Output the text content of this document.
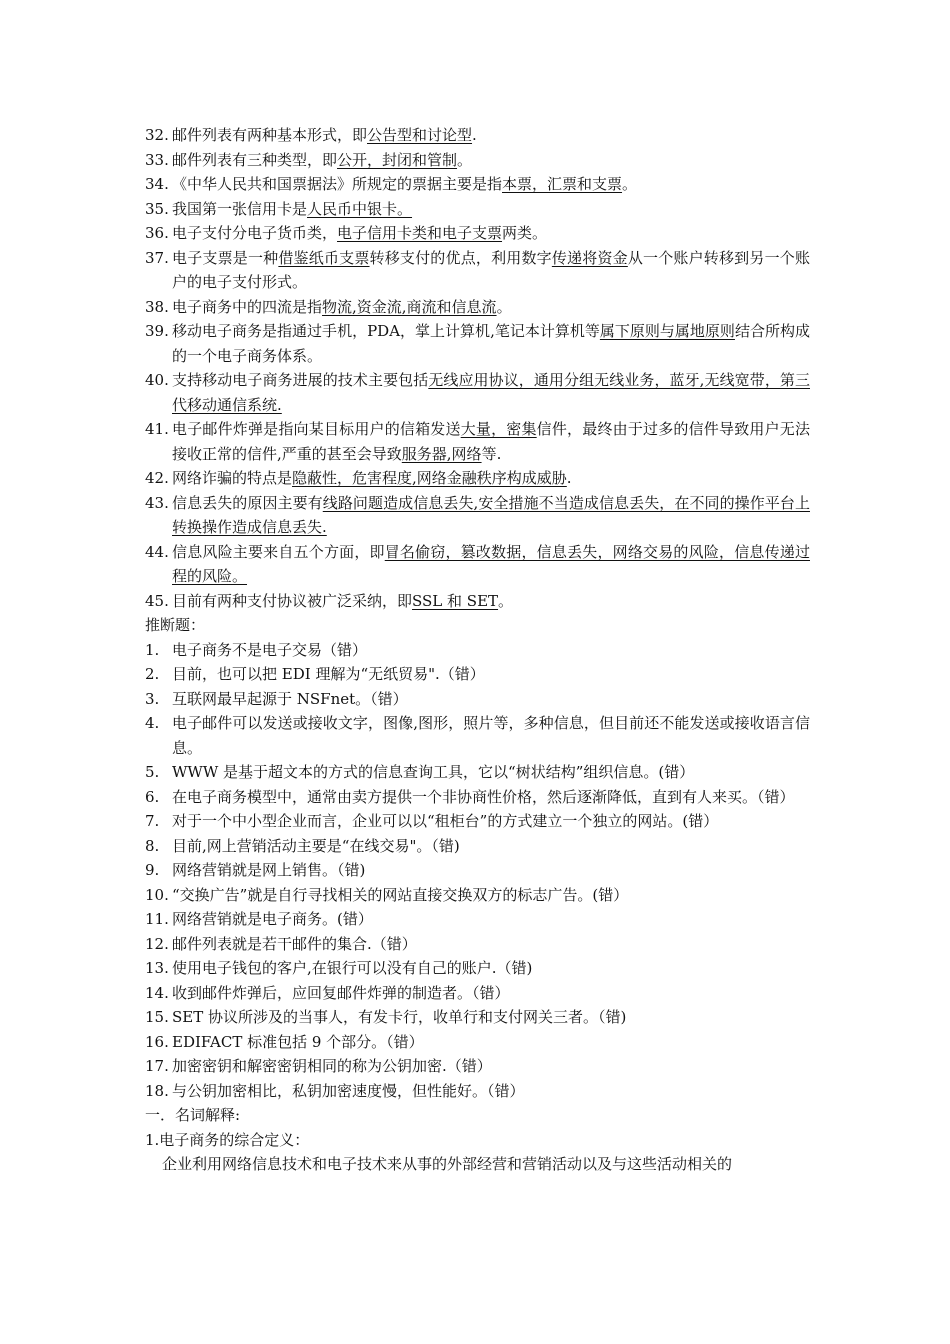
32. 邮件列表有两种基本形式，即公告型和讨论型.
33. 邮件列表有三种类型，即公开，封闭和管制。
34. 《中华人民共和国票据法》所规定的票据主要是指本票，汇票和支票。
35. 我国第一张信用卡是人民币中银卡。
36. 电子支付分电子货币类，电子信用卡类和电子支票两类。
37. 电子支票是一种借鉴纸币支票转移支付的优点，利用数字传递将资金从一个账户转移到另一个账户的电子支付形式。
38. 电子商务中的四流是指物流,资金流,商流和信息流。
39. 移动电子商务是指通过手机，PDA，掌上计算机,笔记本计算机等属下原则与属地原则结合所构成的一个电子商务体系。
40. 支持移动电子商务进展的技术主要包括无线应用协议，通用分组无线业务，蓝牙,无线宽带，第三代移动通信系统.
41. 电子邮件炸弹是指向某目标用户的信箱发送大量，密集信件，最终由于过多的信件导致用户无法接收正常的信件,严重的甚至会导致服务器,网络等.
42. 网络诈骗的特点是隐蔽性，危害程度,网络金融秩序构成威胁.
43. 信息丢失的原因主要有线路问题造成信息丢失,安全措施不当造成信息丢失，在不同的操作平台上转换操作造成信息丢失.
44. 信息风险主要来自五个方面，即冒名偷窃，篡改数据，信息丢失，网络交易的风险，信息传递过程的风险。
45. 目前有两种支付协议被广泛采纳，即SSL 和 SET。

推断题：

1. 电子商务不是电子交易（错）
2. 目前，也可以把 EDI 理解为“无纸贸易".（错）
3. 互联网最早起源于 NSFnet。（错）
4. 电子邮件可以发送或接收文字，图像,图形，照片等，多种信息，但目前还不能发送或接收语言信息。
5. WWW 是基于超文本的方式的信息查询工具，它以“树状结构”组织信息。(错）
6. 在电子商务模型中，通常由卖方提供一个非协商性价格，然后逐渐降低，直到有人来买。（错）
7. 对于一个中小型企业而言，企业可以以“租柜台”的方式建立一个独立的网站。(错）
8. 目前,网上营销活动主要是“在线交易"。（错)
9. 网络营销就是网上销售。（错)
10. “交换广告”就是自行寻找相关的网站直接交换双方的标志广告。(错）
11. 网络营销就是电子商务。(错）
12. 邮件列表就是若干邮件的集合.（错）
13. 使用电子钱包的客户,在银行可以没有自己的账户.（错)
14. 收到邮件炸弹后，应回复邮件炸弹的制造者。（错）
15. SET 协议所涉及的当事人，有发卡行，收单行和支付网关三者。（错)
16. EDIFACT 标准包括 9 个部分。（错）
17. 加密密钥和解密密钥相同的称为公钥加密.（错）
18. 与公钥加密相比，私钥加密速度慢，但性能好。（错）

一．名词解释:

1.电子商务的综合定义：

企业利用网络信息技术和电子技术来从事的外部经营和营销活动以及与这些活动相关的
